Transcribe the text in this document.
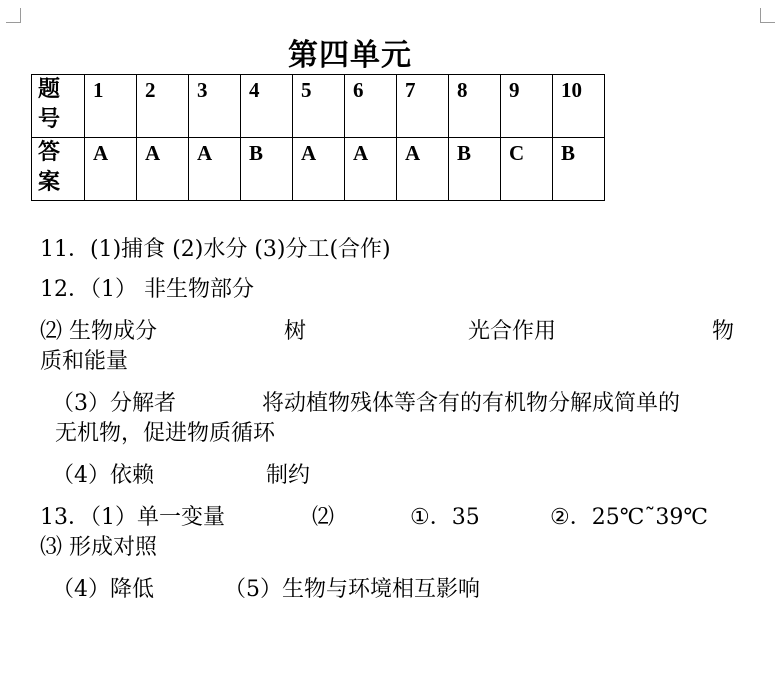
第四单元
题
号	1	2	3	4	5	6	7	8	9	10

答
案	A	A	A	B	A	A	A	B	C	B
11．(1)捕食 (2)水分 (3)分工(合作)
12．（1） 非生物部分
⑵ 生物成分	树	光合作用	物
质和能量
（3）分解者	将动植物残体等含有的有机物分解成简单的
无机物，促进物质循环
（4）依赖	制约
13．（1）单一变量	⑵	①．35	②．25℃˜39℃
⑶ 形成对照
（4）降低	（5）生物与环境相互影响
